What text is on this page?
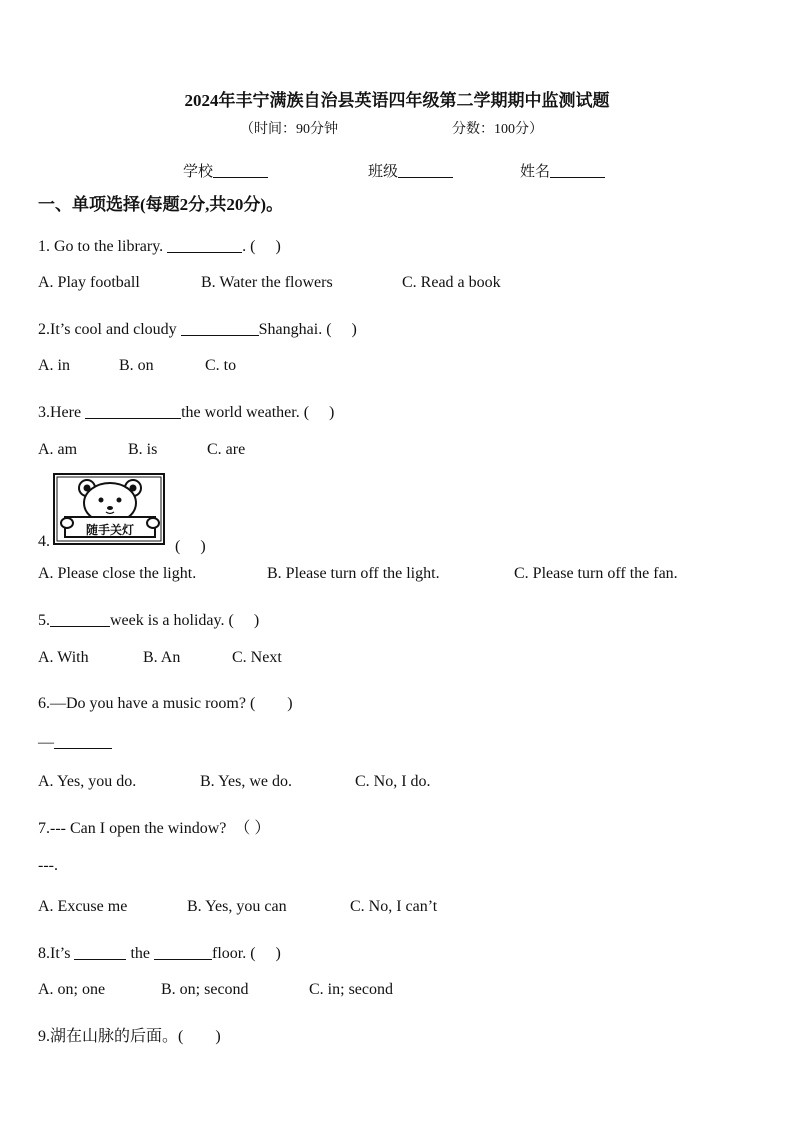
2024年丰宁满族自治县英语四年级第二学期期中监测试题
（时间：90分钟	分数：100分）
学校	班级	姓名
一、单项选择(每题2分,共20分)。
1. Go to the library.	. (　 )
A. Play football	B. Water the flowers	C. Read a book
2.It’s cool and cloudy	Shanghai. (　 )
A. in	B. on	C. to
3.Here	the world weather. (　 )
A. am	B. is	C. are
随手关灯
4.	(　 )
A. Please close the light.	B. Please turn off the light.	C. Please turn off the fan.
5.	week is a holiday. (　 )
A. With	B. An	C. Next
6.—Do you have a music room? (　　)
—
A. Yes, you do.	B. Yes, we do.	C. No, I do.
7.--- Can I open the window?　（ ）
---.
A. Excuse me	B. Yes, you can	C. No, I can’t
8.It’s	the	floor. (　 )
A. on; one	B. on; second	C. in; second
9.湖在山脉的后面。(　　)
